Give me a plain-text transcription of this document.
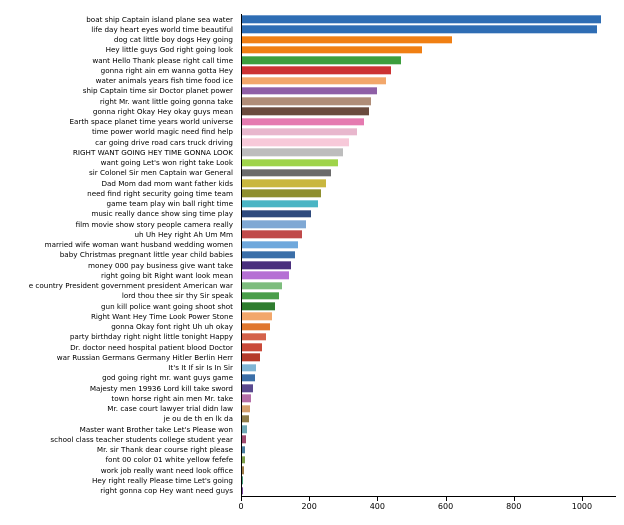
boat ship Captain island plane sea water
life day heart eyes world time beautiful
dog cat little boy dogs Hey going
Hey little guys God right going look
want Hello Thank please right call time
gonna right ain em wanna gotta Hey
water animals years fish time food ice
ship Captain time sir Doctor planet power
right Mr. want little going gonna take
gonna right Okay Hey okay guys mean
Earth space planet time years world universe
time power world magic need find help
car going drive road cars truck driving
RIGHT WANT GOING HEY TIME GONNA LOOK
want going Let's won right take Look
sir Colonel Sir men Captain war General
Dad Mom dad mom want father kids
need find right security going time team
game team play win ball right time
music really dance show sing time play
film movie show story people camera really
uh Uh Hey right Ah Um Mm
married wife woman want husband wedding women
baby Christmas pregnant little year child babies
money 000 pay business give want take
right going bit Right want look mean
e country President government president American war
lord thou thee sir thy Sir speak
gun kill police want going shoot shot
Right Want Hey Time Look Power Stone
gonna Okay font right Uh uh okay
party birthday right night little tonight Happy
Dr. doctor need hospital patient blood Doctor
war Russian Germans Germany Hitler Berlin Herr
It's It If sir Is In Sir
god going right mr. want guys game
Majesty men 19936 Lord kill take sword
town horse right ain men Mr. take
Mr. case court lawyer trial didn law
je ou de th en lk da
Master want Brother take Let's Please won
school class teacher students college student year
Mr. sir Thank dear course right please
font 00 color 01 white yellow fefefe
work job really want need look office
Hey right really Please time Let's going
right gonna cop Hey want need guys
0	200	400	600	800	1000
